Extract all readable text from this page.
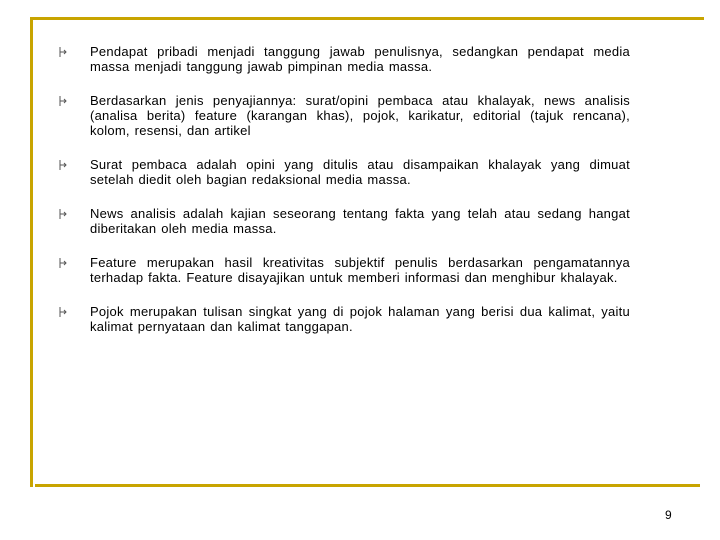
Pendapat pribadi menjadi tanggung jawab penulisnya, sedangkan pendapat media massa menjadi tanggung jawab pimpinan media massa.
Berdasarkan jenis penyajiannya: surat/opini pembaca atau khalayak, news analisis (analisa berita) feature (karangan khas), pojok, karikatur, editorial (tajuk rencana), kolom, resensi, dan artikel
Surat pembaca adalah opini yang ditulis atau disampaikan khalayak yang dimuat setelah diedit oleh bagian redaksional media massa.
News analisis adalah kajian seseorang tentang fakta yang telah atau sedang hangat diberitakan oleh media massa.
Feature merupakan hasil kreativitas subjektif penulis berdasarkan pengamatannya terhadap fakta. Feature disayajikan untuk memberi informasi dan menghibur khalayak.
Pojok merupakan tulisan singkat yang di pojok halaman yang berisi dua kalimat, yaitu kalimat pernyataan dan kalimat tanggapan.
9
